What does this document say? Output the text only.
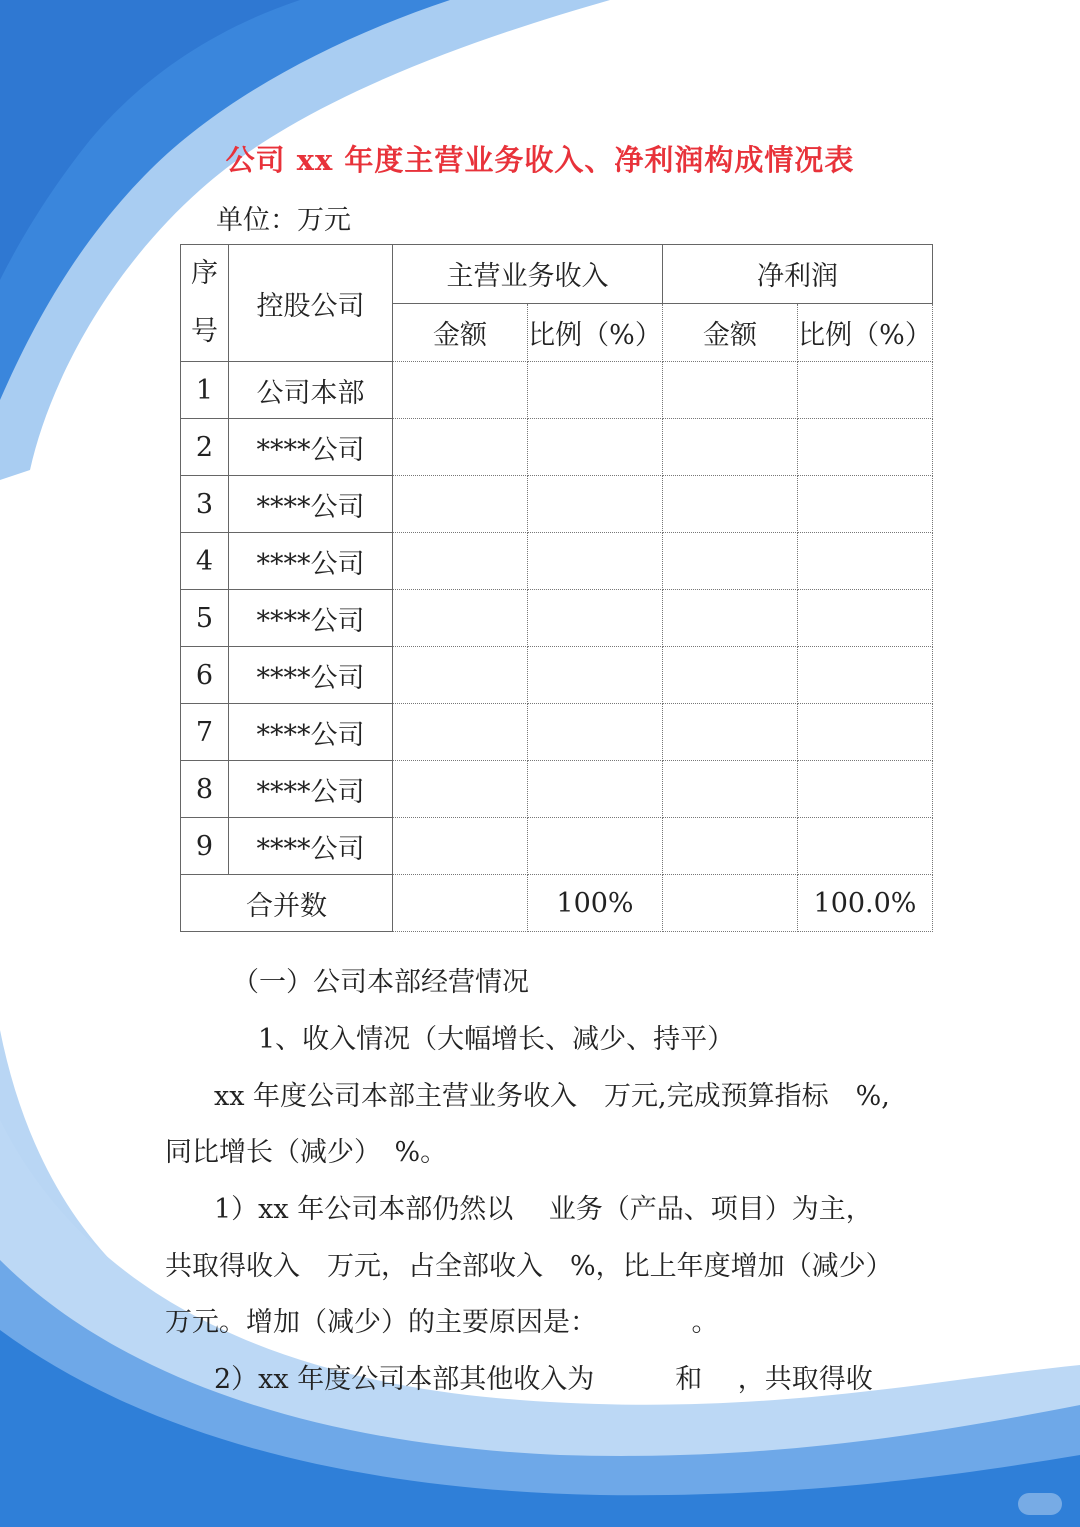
公司 xx 年度主营业务收入、净利润构成情况表
单位：万元
序号	控股公司	主营业务收入		净利润	
		金额	比例（%）	金额	比例（%）
1	公司本部				
2	****公司				
3	****公司				
4	****公司				
5	****公司				
6	****公司				
7	****公司				
8	****公司				
9	****公司				
合并数			100%		100.0%
（一）公司本部经营情况
1、收入情况（大幅增长、减少、持平）
xx 年度公司本部主营业务收入　万元,完成预算指标　%,
同比增长（减少）　%。
1）xx 年公司本部仍然以　 业务（产品、项目）为主，
共取得收入　万元，占全部收入　%，比上年度增加（减少）
万元。增加（减少）的主要原因是：　　　　。
2）xx 年度公司本部其他收入为　　　和　 ，共取得收
